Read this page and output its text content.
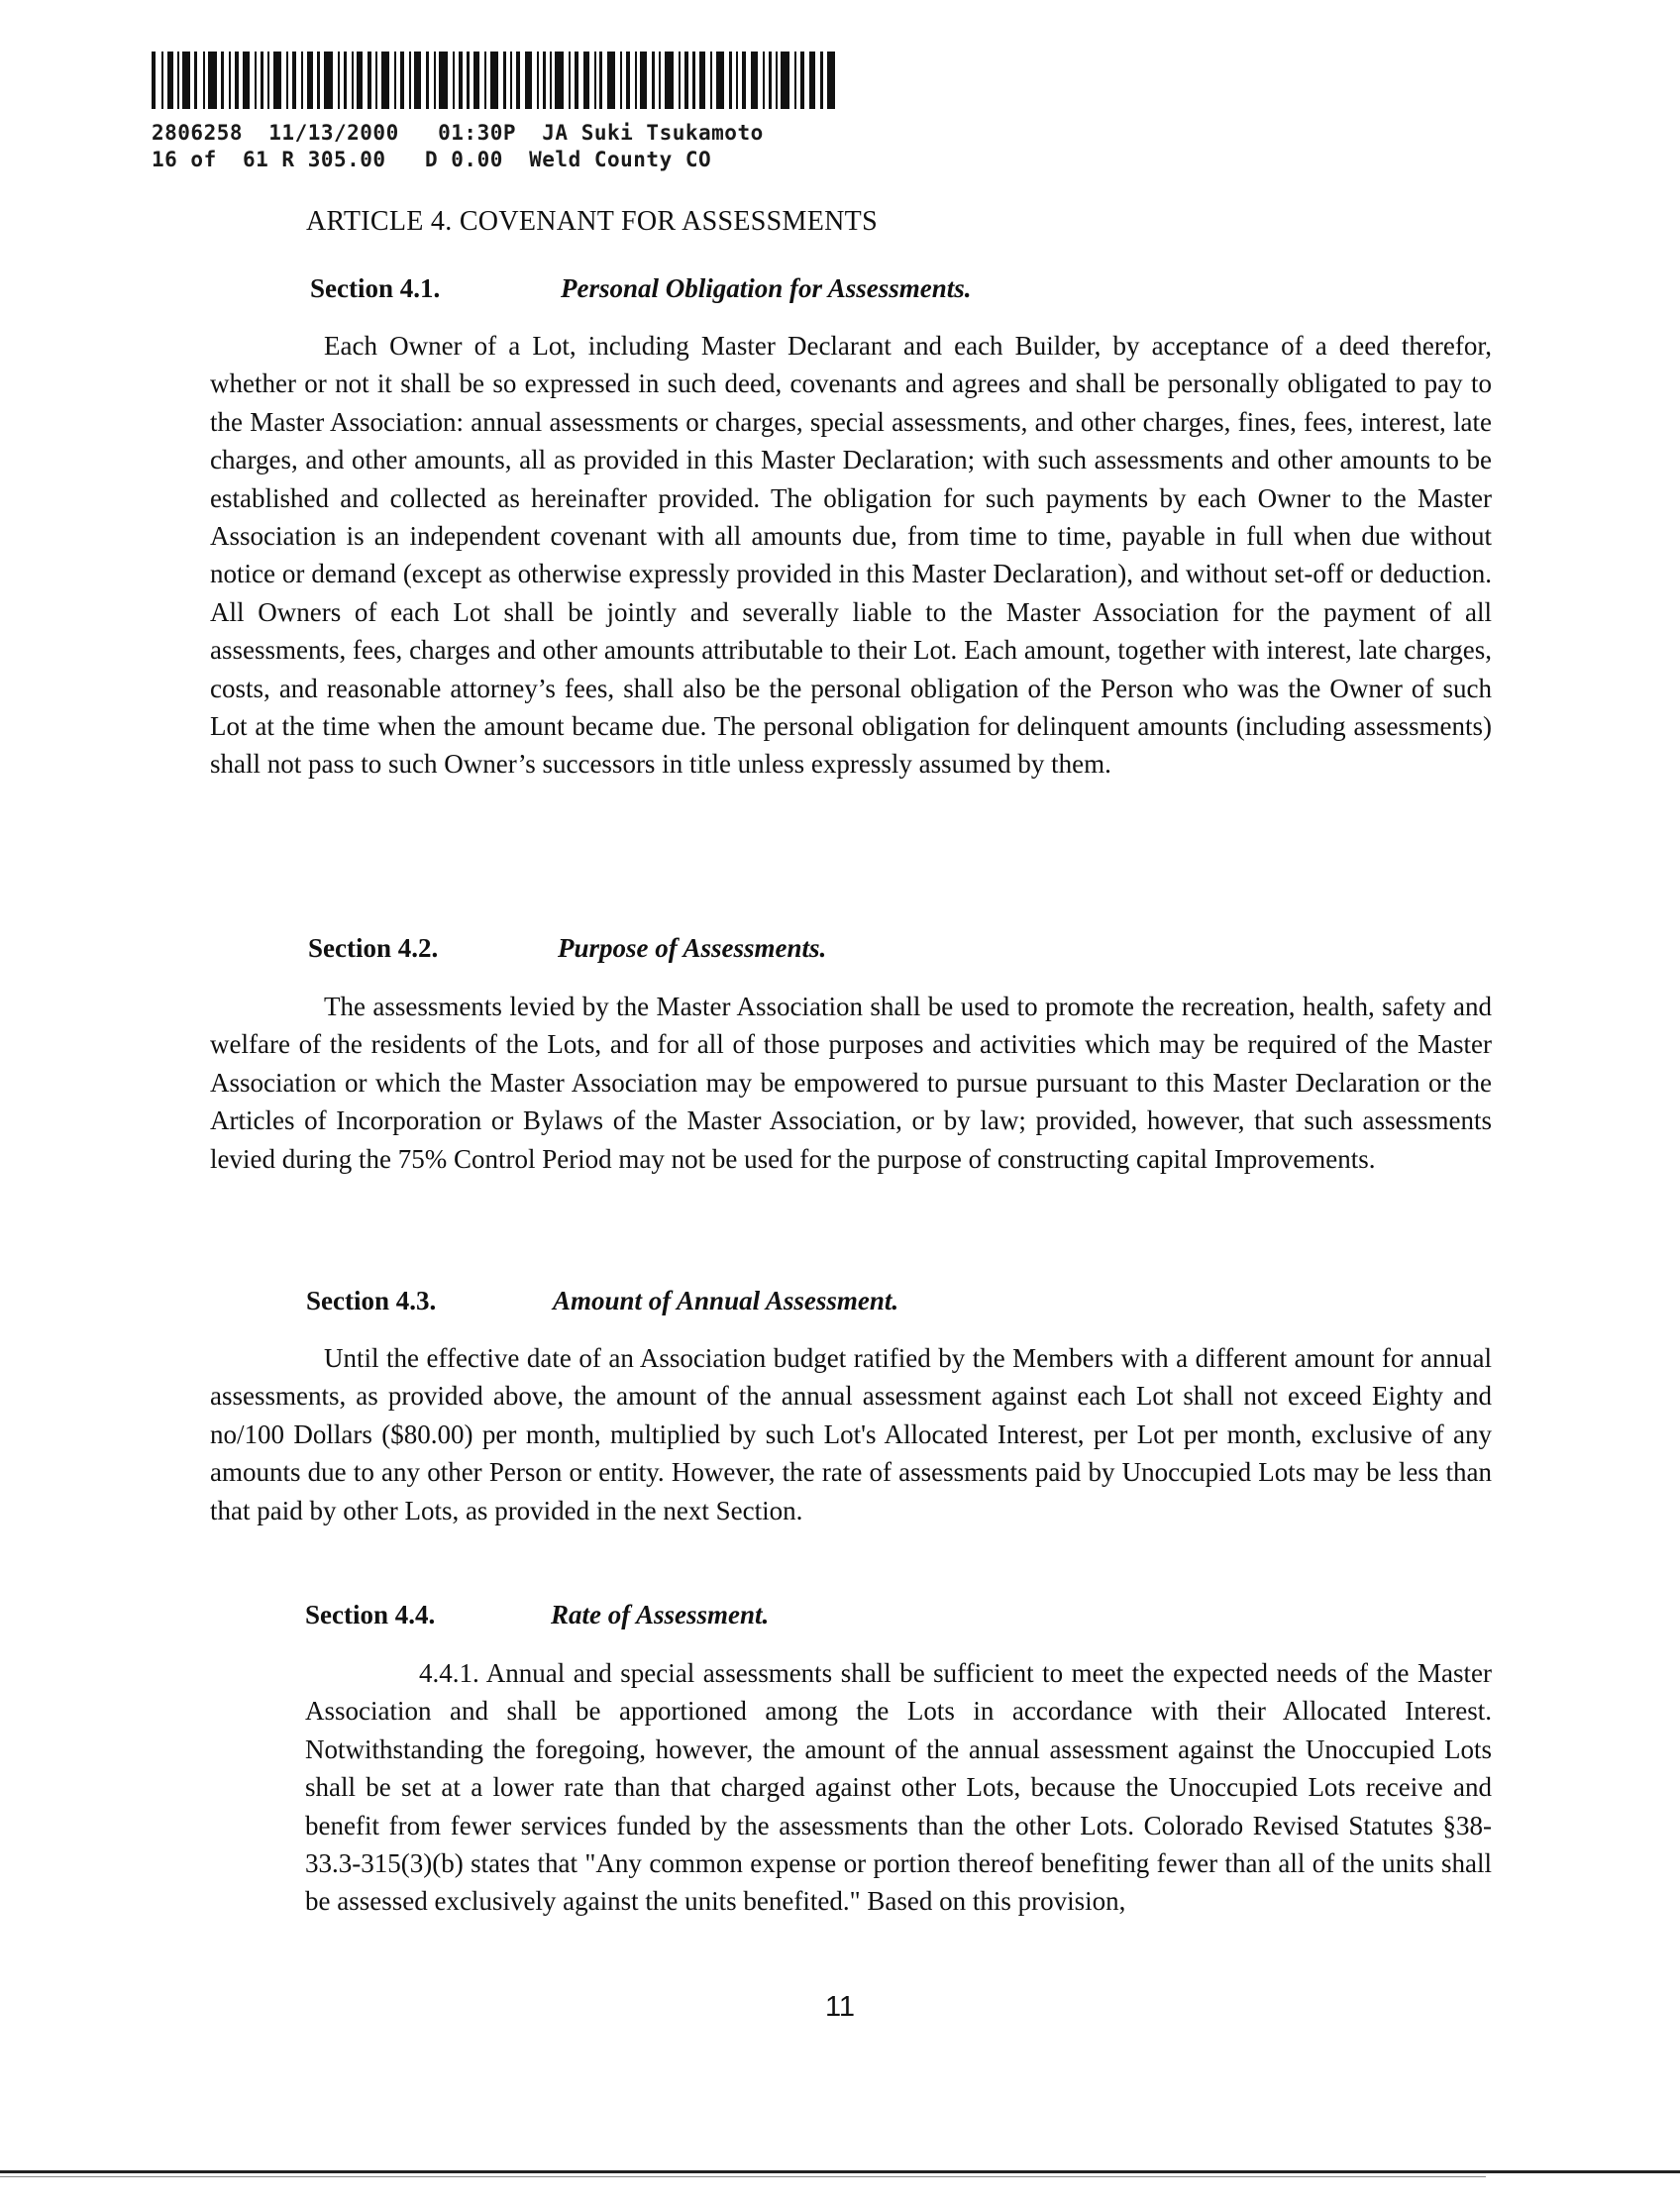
2806258  11/13/2000   01:30P  JA Suki Tsukamoto
16 of  61 R 305.00   D 0.00  Weld County CO
ARTICLE 4. COVENANT FOR ASSESSMENTS
Section 4.1.	Personal Obligation for Assessments.

Each Owner of a Lot, including Master Declarant and each Builder, by acceptance of a deed therefor, whether or not it shall be so expressed in such deed, covenants and agrees and shall be personally obligated to pay to the Master Association: annual assessments or charges, special assessments, and other charges, fines, fees, interest, late charges, and other amounts, all as provided in this Master Declaration; with such assessments and other amounts to be established and collected as hereinafter provided. The obligation for such payments by each Owner to the Master Association is an independent covenant with all amounts due, from time to time, payable in full when due without notice or demand (except as otherwise expressly provided in this Master Declaration), and without set-off or deduction. All Owners of each Lot shall be jointly and severally liable to the Master Association for the payment of all assessments, fees, charges and other amounts attributable to their Lot. Each amount, together with interest, late charges, costs, and reasonable attorney’s fees, shall also be the personal obligation of the Person who was the Owner of such Lot at the time when the amount became due. The personal obligation for delinquent amounts (including assessments) shall not pass to such Owner’s successors in title unless expressly assumed by them.

Section 4.2.	Purpose of Assessments.

The assessments levied by the Master Association shall be used to promote the recreation, health, safety and welfare of the residents of the Lots, and for all of those purposes and activities which may be required of the Master Association or which the Master Association may be empowered to pursue pursuant to this Master Declaration or the Articles of Incorporation or Bylaws of the Master Association, or by law; provided, however, that such assessments levied during the 75% Control Period may not be used for the purpose of constructing capital Improvements.

Section 4.3.	Amount of Annual Assessment.

Until the effective date of an Association budget ratified by the Members with a different amount for annual assessments, as provided above, the amount of the annual assessment against each Lot shall not exceed Eighty and no/100 Dollars ($80.00) per month, multiplied by such Lot's Allocated Interest, per Lot per month, exclusive of any amounts due to any other Person or entity. However, the rate of assessments paid by Unoccupied Lots may be less than that paid by other Lots, as provided in the next Section.

Section 4.4.	Rate of Assessment.

4.4.1. Annual and special assessments shall be sufficient to meet the expected needs of the Master Association and shall be apportioned among the Lots in accordance with their Allocated Interest. Notwithstanding the foregoing, however, the amount of the annual assessment against the Unoccupied Lots shall be set at a lower rate than that charged against other Lots, because the Unoccupied Lots receive and benefit from fewer services funded by the assessments than the other Lots. Colorado Revised Statutes §38-33.3-315(3)(b) states that "Any common expense or portion thereof benefiting fewer than all of the units shall be assessed exclusively against the units benefited." Based on this provision,

11
